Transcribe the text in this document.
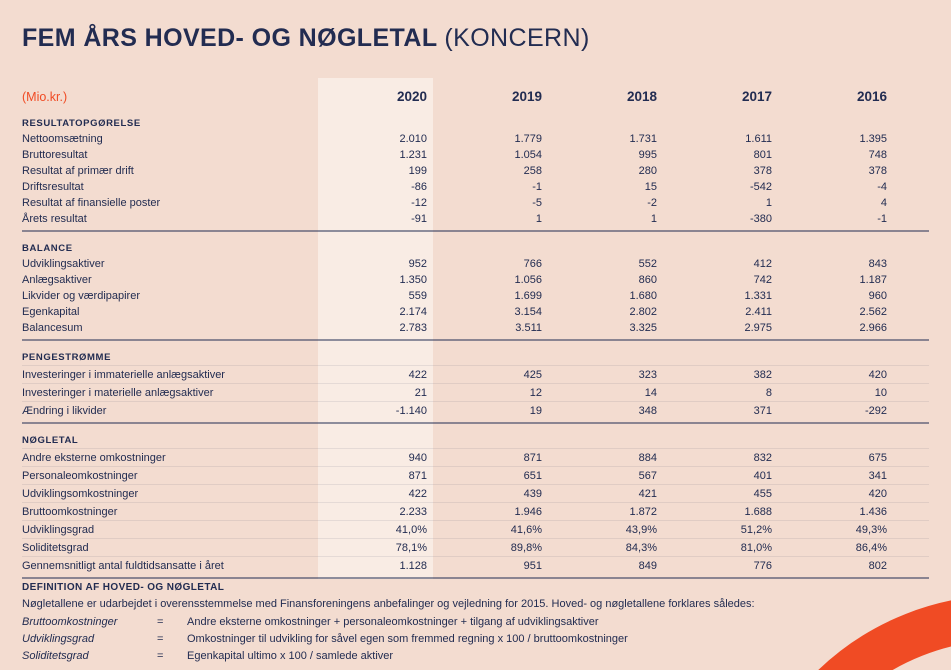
FEM ÅRS HOVED- OG NØGLETAL (KONCERN)
(Mio.kr.)	2020	2019	2018	2017	2016
RESULTATOPGØRELSE
Nettoomsætning	2.010	1.779	1.731	1.611	1.395
Bruttoresultat	1.231	1.054	995	801	748
Resultat af primær drift	199	258	280	378	378
Driftsresultat	-86	-1	15	-542	-4
Resultat af finansielle poster	-12	-5	-2	1	4
Årets resultat	-91	1	1	-380	-1
BALANCE
Udviklingsaktiver	952	766	552	412	843
Anlægsaktiver	1.350	1.056	860	742	1.187
Likvider og værdipapirer	559	1.699	1.680	1.331	960
Egenkapital	2.174	3.154	2.802	2.411	2.562
Balancesum	2.783	3.511	3.325	2.975	2.966
PENGESTRØMME
Investeringer i immaterielle anlægsaktiver	422	425	323	382	420
Investeringer i materielle anlægsaktiver	21	12	14	8	10
Ændring i likvider	-1.140	19	348	371	-292
NØGLETAL
Andre eksterne omkostninger	940	871	884	832	675
Personaleomkostninger	871	651	567	401	341
Udviklingsomkostninger	422	439	421	455	420
Bruttoomkostninger	2.233	1.946	1.872	1.688	1.436
Udviklingsgrad	41,0%	41,6%	43,9%	51,2%	49,3%
Soliditetsgrad	78,1%	89,8%	84,3%	81,0%	86,4%
Gennemsnitligt antal fuldtidsansatte i året	1.128	951	849	776	802

DEFINITION AF HOVED- OG NØGLETAL

Nøgletallene er udarbejdet i overensstemmelse med Finansforeningens anbefalinger og vejledning for 2015. Hoved- og nøgletallene forklares således:

Bruttoomkostninger	=	Andre eksterne omkostninger + personaleomkostninger + tilgang af udviklingsaktiver
Udviklingsgrad	=	Omkostninger til udvikling for såvel egen som fremmed regning x 100 / bruttoomkostninger
Soliditetsgrad	=	Egenkapital ultimo x 100 / samlede aktiver
